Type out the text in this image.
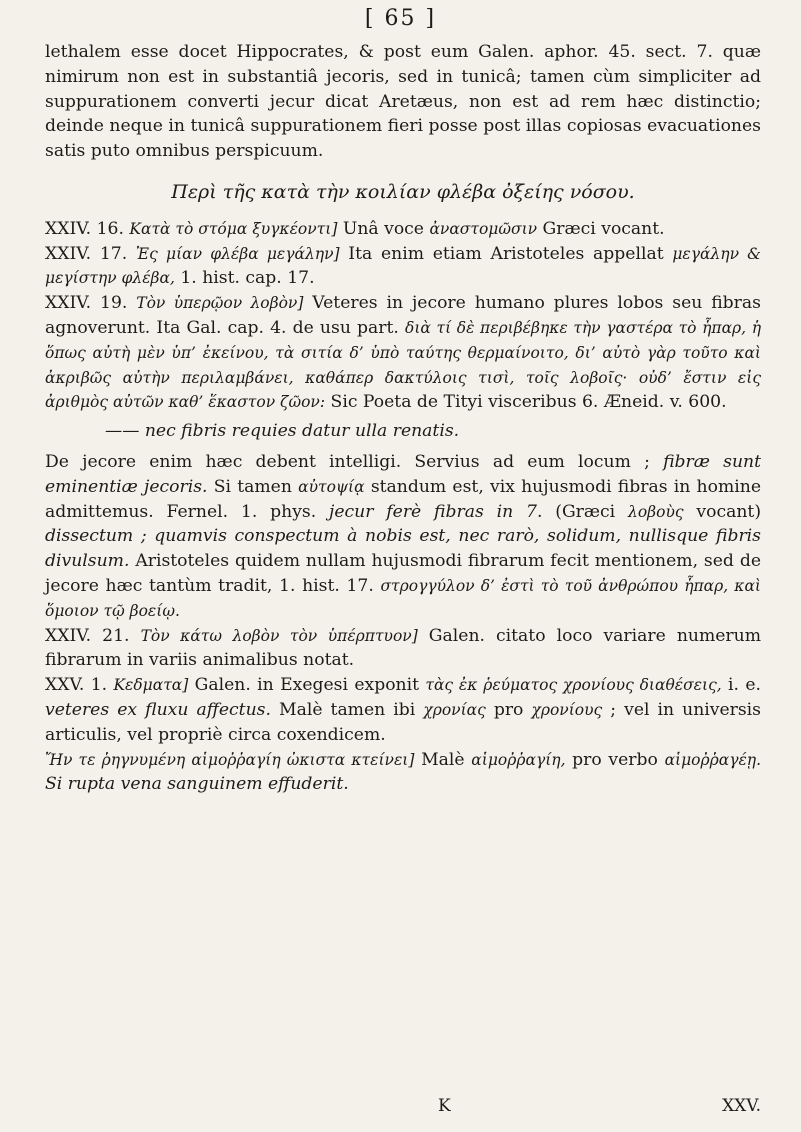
[ 65 ]

lethalem esse docet Hippocrates, & post eum Galen. aphor. 45. sect. 7. quæ nimirum non est in substantiâ jecoris, sed in tunicâ; tamen cùm simpliciter ad suppurationem converti jecur dicat Aretæus, non est ad rem hæc distinctio; deinde neque in tunicâ suppurationem fieri posse post illas copiosas evacuationes satis puto omnibus perspicuum.

Περὶ τῆς κατὰ τὴν κοιλίαν φλέβα ὀξείης νόσου.

XXIV. 16. Κατὰ τὸ στόμα ξυγκέοντι] Unâ voce ἀναστομῶσιν Græci vocant.

XXIV. 17. Ἐς μίαν φλέβα μεγάλην] Ita enim etiam Aristoteles appellat μεγάλην & μεγίστην φλέβα, 1. hist. cap. 17.

XXIV. 19. Τὸν ὑπερῷον λοβὸν] Veteres in jecore humano plures lobos seu fibras agnoverunt. Ita Gal. cap. 4. de usu part. διὰ τί δὲ περιβέβηκε τὴν γαστέρα τὸ ἧπαρ, ἡ ὅπως αὐτὴ μὲν ὑπ’ ἐκείνου, τὰ σιτία δ’ ὑπὸ ταύτης θερμαίνοιτο, δι’ αὐτὸ γὰρ τοῦτο καὶ ἀκριβῶς αὐτὴν περιλαμβάνει, καθάπερ δακτύλοις τισὶ, τοῖς λοβοῖς· οὐδ’ ἔστιν εἰς ἀριθμὸς αὐτῶν καθ’ ἕκαστον ζῶον: Sic Poeta de Tityi visceribus 6. Æneid. v. 600.

—— nec fibris requies datur ulla renatis.

De jecore enim hæc debent intelligi. Servius ad eum locum ; fibræ sunt eminentiæ jecoris. Si tamen αὐτοψίᾳ standum est, vix hujusmodi fibras in homine admittemus. Fernel. 1. phys. jecur ferè fibras in 7. (Græci λοβοὺς vocant) dissectum ; quamvis conspectum à nobis est, nec rarò, solidum, nullisque fibris divulsum. Aristoteles quidem nullam hujusmodi fibrarum fecit mentionem, sed de jecore hæc tantùm tradit, 1. hist. 17. στρογγύλον δ’ ἐστὶ τὸ τοῦ ἀνθρώπου ἧπαρ, καὶ ὅμοιον τῷ βοείῳ.

XXIV. 21. Τὸν κάτω λοβὸν τὸν ὑπέρπτυον] Galen. citato loco variare numerum fibrarum in variis animalibus notat.

XXV. 1. Κεδματα] Galen. in Exegesi exponit τὰς ἐκ ῥεύματος χρονίους διαθέσεις, i. e. veteres ex fluxu affectus. Malè tamen ibi χρονίας pro χρονίους ; vel in universis articulis, vel propriè circa coxendicem.

Ἤν τε ῥηγνυμένη αἱμοῤῥαγίη ὠκιστα κτείνει] Malè αἱμοῤῥαγίη, pro verbo αἱμοῤῥαγέῃ. Si rupta vena sanguinem effuderit.

K	XXV.
